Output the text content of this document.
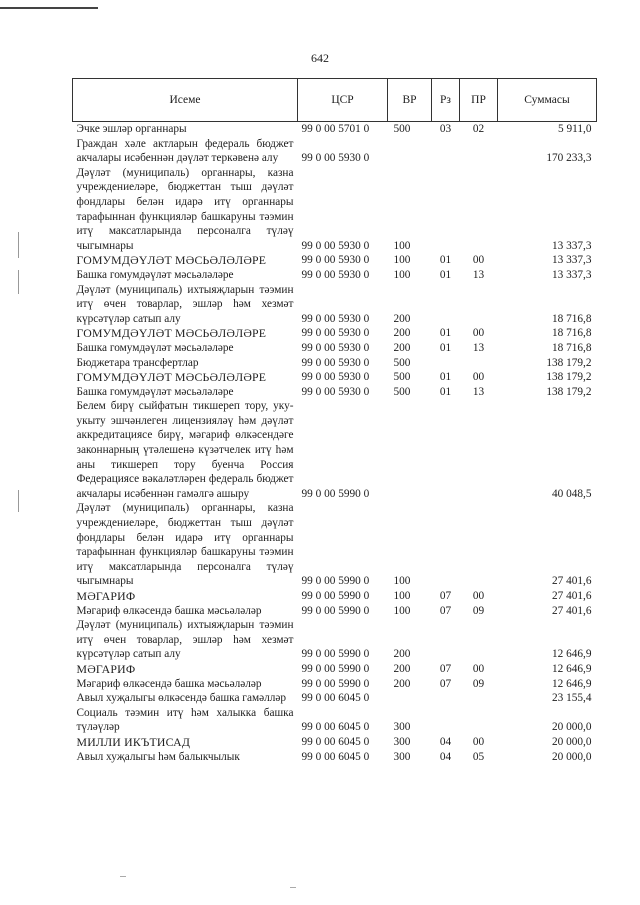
642
Исеме	ЦСР	ВР	Рз	ПР	Суммасы
Эчке эшләр органнары	99 0 00 5701 0	500	03	02	5 911,0
Граждан хәле актларын федераль бюджет акчалары исәбеннән дәүләт теркәвенә алу	99 0 00 5930 0				170 233,3
Дәүләт (муниципаль) органнары, казна учреждениеләре, бюджеттан тыш дәүләт фондлары белән идарә итү органнары тарафыннан функцияләр башкаруны тәэмин итү максатларында персоналга түләү чыгымнары	99 0 00 5930 0	100			13 337,3
ГОМУМДӘҮЛӘТ МӘСЬӘЛӘЛӘРЕ	99 0 00 5930 0	100	01	00	13 337,3
Башка гомумдәүләт мәсьәләләре	99 0 00 5930 0	100	01	13	13 337,3
Дәүләт (муниципаль) ихтыяҗларын тәэмин итү өчен товарлар, эшләр һәм хезмәт күрсәтүләр сатып алу	99 0 00 5930 0	200			18 716,8
ГОМУМДӘҮЛӘТ МӘСЬӘЛӘЛӘРЕ	99 0 00 5930 0	200	01	00	18 716,8
Башка гомумдәүләт мәсьәләләре	99 0 00 5930 0	200	01	13	18 716,8
Бюджетара трансфертлар	99 0 00 5930 0	500			138 179,2
ГОМУМДӘҮЛӘТ МӘСЬӘЛӘЛӘРЕ	99 0 00 5930 0	500	01	00	138 179,2
Башка гомумдәүләт мәсьәләләре	99 0 00 5930 0	500	01	13	138 179,2
Белем бирү сыйфатын тикшереп тору, уку-укыту эшчәнлеген лицензияләү һәм дәүләт аккредитациясе бирү, мәгариф өлкәсендәге законнарның үтәлешенә күзәтчелек итү һәм аны тикшереп тору буенча Россия Федерациясе вәкаләтләрен федераль бюджет акчалары исәбеннән гамәлгә ашыру	99 0 00 5990 0				40 048,5
Дәүләт (муниципаль) органнары, казна учреждениеләре, бюджеттан тыш дәүләт фондлары белән идарә итү органнары тарафыннан функцияләр башкаруны тәэмин итү максатларында персоналга түләү чыгымнары	99 0 00 5990 0	100			27 401,6
МӘГАРИФ	99 0 00 5990 0	100	07	00	27 401,6
Мәгариф өлкәсендә башка мәсьәләләр	99 0 00 5990 0	100	07	09	27 401,6
Дәүләт (муниципаль) ихтыяҗларын тәэмин итү өчен товарлар, эшләр һәм хезмәт күрсәтүләр сатып алу	99 0 00 5990 0	200			12 646,9
МӘГАРИФ	99 0 00 5990 0	200	07	00	12 646,9
Мәгариф өлкәсендә башка мәсьәләләр	99 0 00 5990 0	200	07	09	12 646,9
Авыл хуҗалыгы өлкәсендә башка гамәлләр	99 0 00 6045 0				23 155,4
Социаль тәэмин итү һәм халыкка башка түләүләр	99 0 00 6045 0	300			20 000,0
МИЛЛИ ИКЪТИСАД	99 0 00 6045 0	300	04	00	20 000,0
Авыл хуҗалыгы һәм балыкчылык	99 0 00 6045 0	300	04	05	20 000,0
